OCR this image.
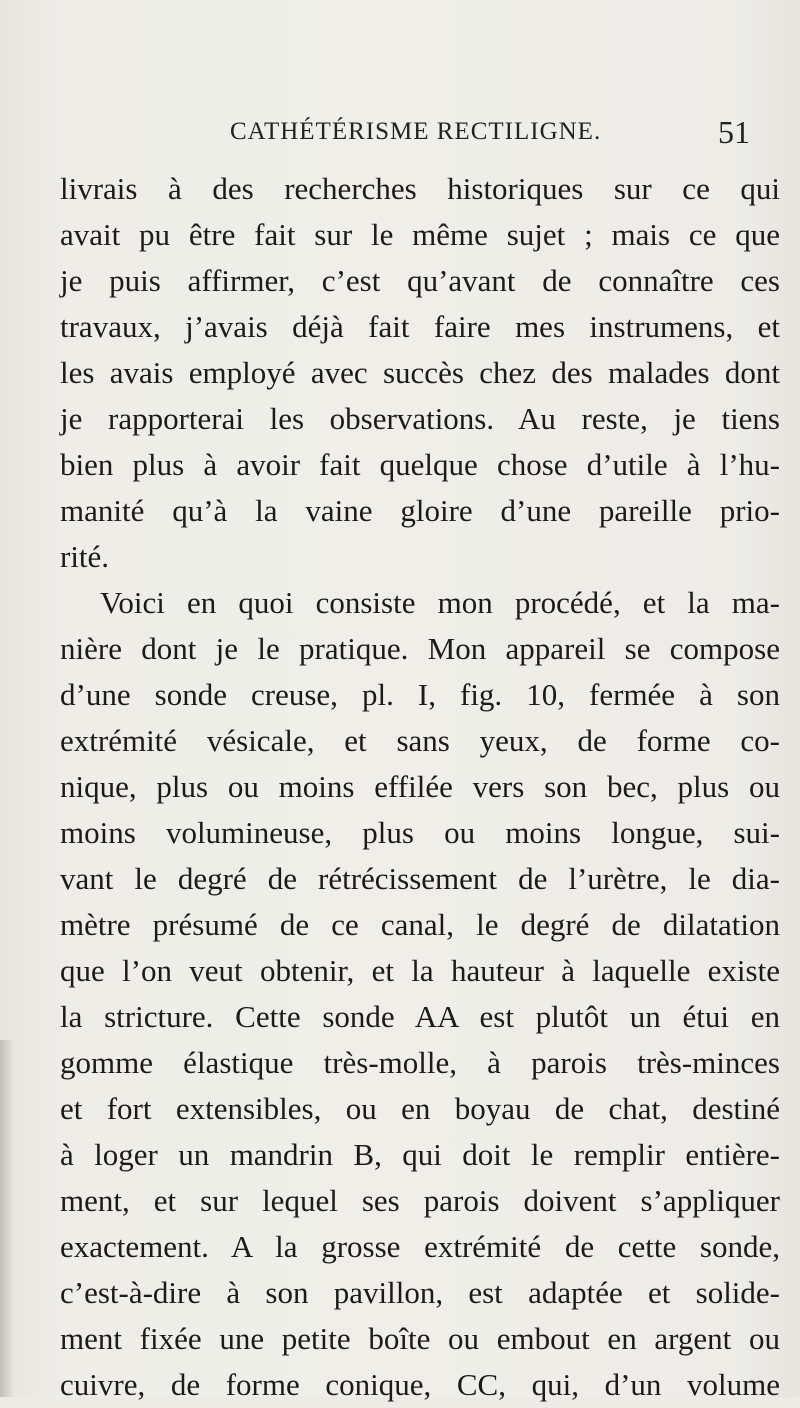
CATHÉTÉRISME RECTILIGNE.	51
livrais à des recherches historiques sur ce qui
avait pu être fait sur le même sujet ; mais ce que
je puis affirmer, c’est qu’avant de connaître ces
travaux, j’avais déjà fait faire mes instrumens, et
les avais employé avec succès chez des malades dont
je rapporterai les observations. Au reste, je tiens
bien plus à avoir fait quelque chose d’utile à l’hu-
manité qu’à la vaine gloire d’une pareille prio-
rité.
Voici en quoi consiste mon procédé, et la ma-
nière dont je le pratique. Mon appareil se compose
d’une sonde creuse, pl. I, fig. 10, fermée à son
extrémité vésicale, et sans yeux, de forme co-
nique, plus ou moins effilée vers son bec, plus ou
moins volumineuse, plus ou moins longue, sui-
vant le degré de rétrécissement de l’urètre, le dia-
mètre présumé de ce canal, le degré de dilatation
que l’on veut obtenir, et la hauteur à laquelle existe
la stricture. Cette sonde AA est plutôt un étui en
gomme élastique très-molle, à parois très-minces
et fort extensibles, ou en boyau de chat, destiné
à loger un mandrin B, qui doit le remplir entière-
ment, et sur lequel ses parois doivent s’appliquer
exactement. A la grosse extrémité de cette sonde,
c’est-à-dire à son pavillon, est adaptée et solide-
ment fixée une petite boîte ou embout en argent ou
cuivre, de forme conique, CC, qui, d’un volume
